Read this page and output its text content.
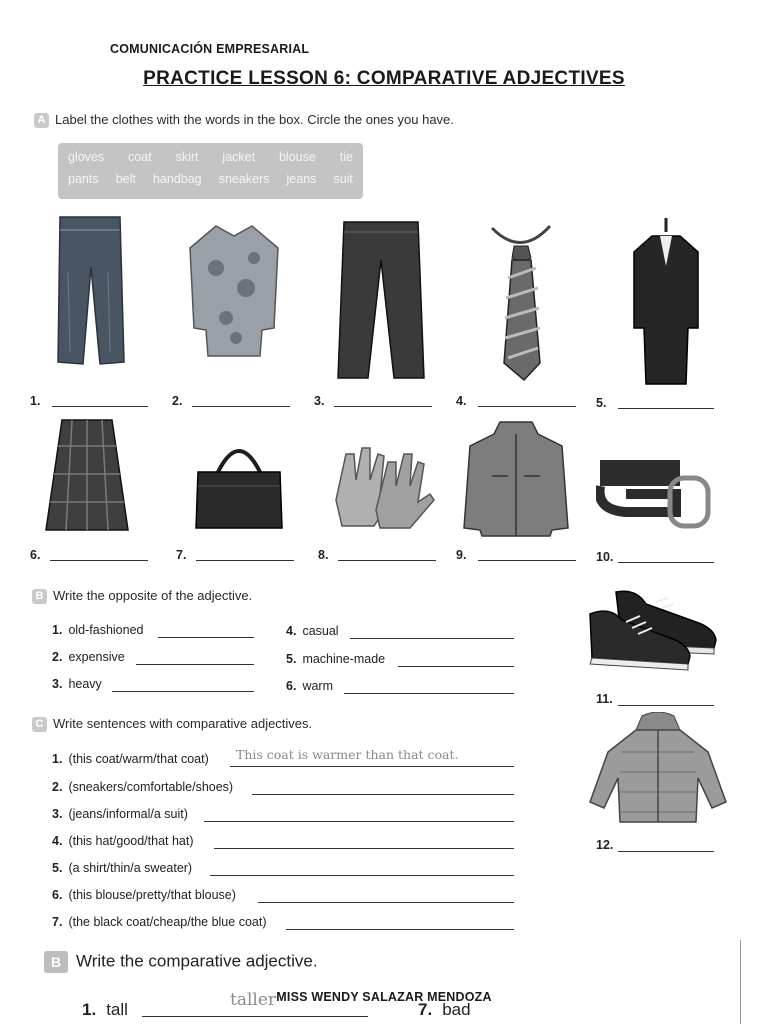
COMUNICACIÓN EMPRESARIAL
PRACTICE LESSON 6: COMPARATIVE ADJECTIVES
A Label the clothes with the words in the box. Circle the ones you have.
gloves coat skirt jacket blouse tie
pants belt handbag sneakers jeans suit
1.	2.	3.	4.	5.
6.	7.	8.	9.	10.
B Write the opposite of the adjective.
1. old-fashioned
2. expensive
3. heavy
4. casual
5. machine-made
6. warm
11.
C Write sentences with comparative adjectives.
1. (this coat/warm/that coat) This coat is warmer than that coat.
2. (sneakers/comfortable/shoes)
3. (jeans/informal/a suit)
4. (this hat/good/that hat)
5. (a shirt/thin/a sweater)
6. (this blouse/pretty/that blouse)
7. (the black coat/cheap/the blue coat)
12.
B Write the comparative adjective.
1. tall	taller	7. bad
MISS WENDY SALAZAR MENDOZA
